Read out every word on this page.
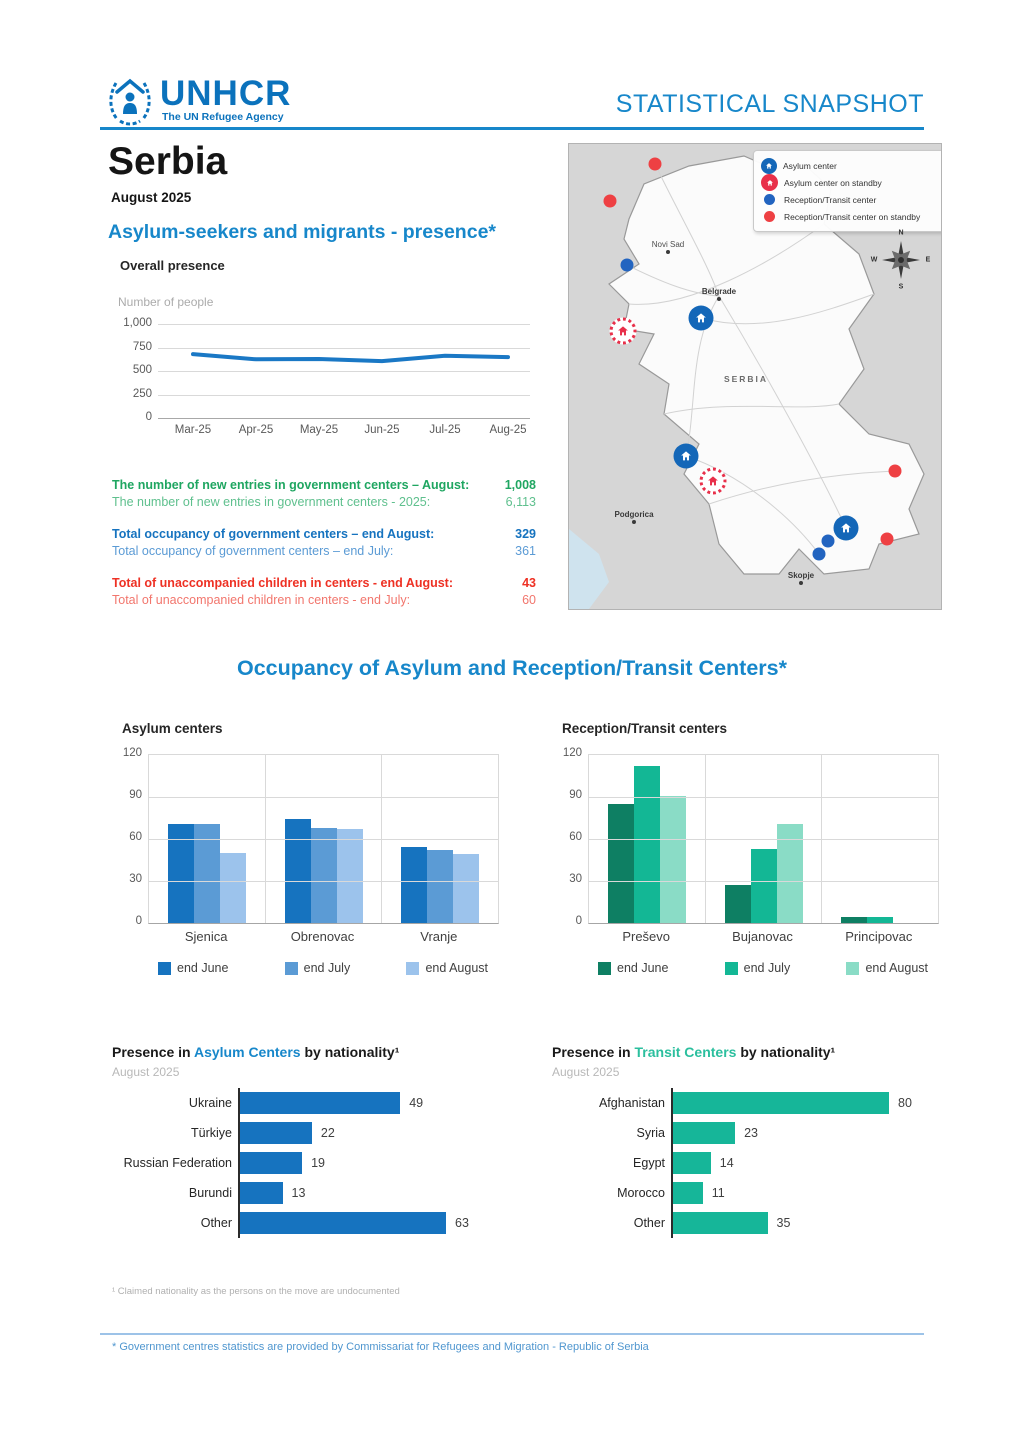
UNHCR
The UN Refugee Agency	STATISTICAL SNAPSHOT
Serbia
August 2025
Asylum-seekers and migrants - presence*
Overall presence
Number of people
1,000
750
500
250
0
Mar-25	Apr-25	May-25	Jun-25	Jul-25	Aug-25
The number of new entries in government centers – August:	1,008
The number of new entries in government centers - 2025:	6,113
Total occupancy of government centers – end August:	329
Total occupancy of government centers – end July:	361
Total of unaccompanied children in centers - end August:	43
Total of unaccompanied children in centers - end July:	60
Asylum center
Asylum center on standby
Reception/Transit center
Reception/Transit center on standby
Novi Sad
Belgrade
Podgorica
Skopje
SERBIA
N
E
S
W
Occupancy of Asylum and Reception/Transit Centers*
Asylum centers
0
30
60
90
120
Sjenica	Obrenovac	Vranje
end June	end July	end August
Reception/Transit centers
0
30
60
90
120
Preševo	Bujanovac	Principovac
end June	end July	end August
Presence in Asylum Centers by nationality¹
August 2025
Ukraine
Türkiye
Russian Federation
Burundi
Other
49
22
19
13
63
Presence in Transit Centers by nationality¹
August 2025
Afghanistan
Syria
Egypt
Morocco
Other
80
23
14
11
35
¹ Claimed nationality as the persons on the move are undocumented
* Government centres statistics are provided by Commissariat for Refugees and Migration - Republic of Serbia
